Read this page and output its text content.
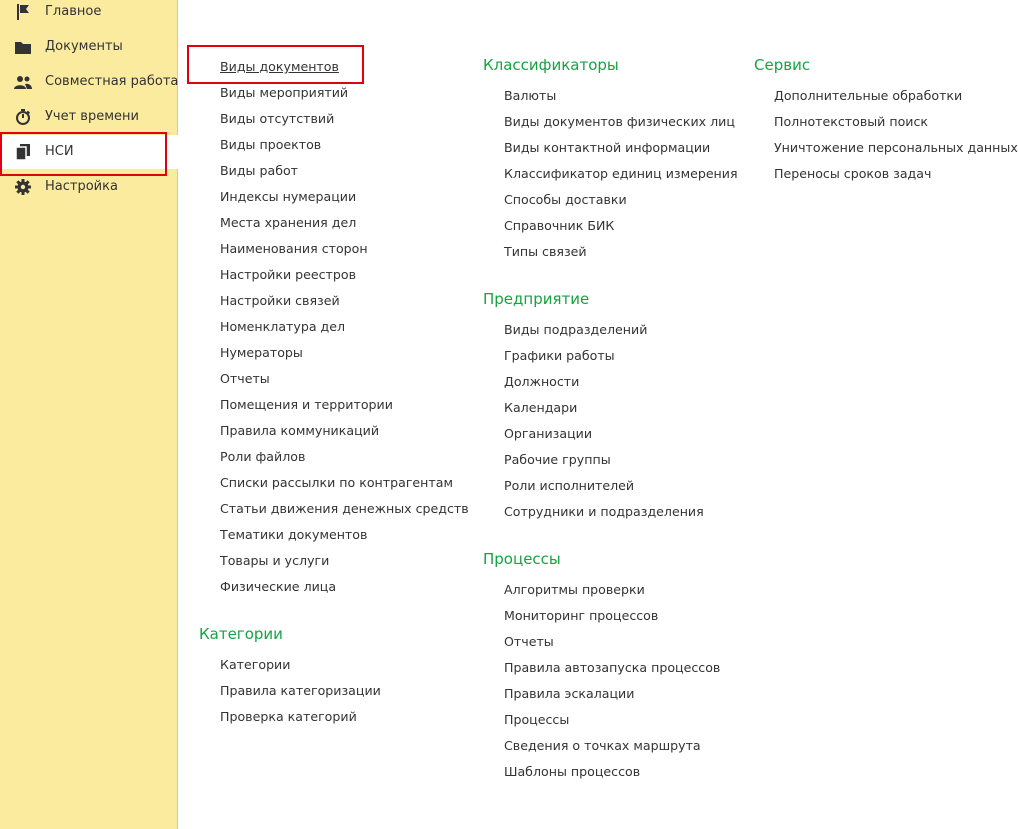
Главное
Документы
Совместная работа
Учет времени
НСИ
Настройка
Виды документов
Виды мероприятий
Виды отсутствий
Виды проектов
Виды работ
Индексы нумерации
Места хранения дел
Наименования сторон
Настройки реестров
Настройки связей
Номенклатура дел
Нумераторы
Отчеты
Помещения и территории
Правила коммуникаций
Роли файлов
Списки рассылки по контрагентам
Статьи движения денежных средств
Тематики документов
Товары и услуги
Физические лица
Категории
Категории
Правила категоризации
Проверка категорий
Классификаторы
Валюты
Виды документов физических лиц
Виды контактной информации
Классификатор единиц измерения
Способы доставки
Справочник БИК
Типы связей
Предприятие
Виды подразделений
Графики работы
Должности
Календари
Организации
Рабочие группы
Роли исполнителей
Сотрудники и подразделения
Процессы
Алгоритмы проверки
Мониторинг процессов
Отчеты
Правила автозапуска процессов
Правила эскалации
Процессы
Сведения о точках маршрута
Шаблоны процессов
Сервис
Дополнительные обработки
Полнотекстовый поиск
Уничтожение персональных данных
Переносы сроков задач
